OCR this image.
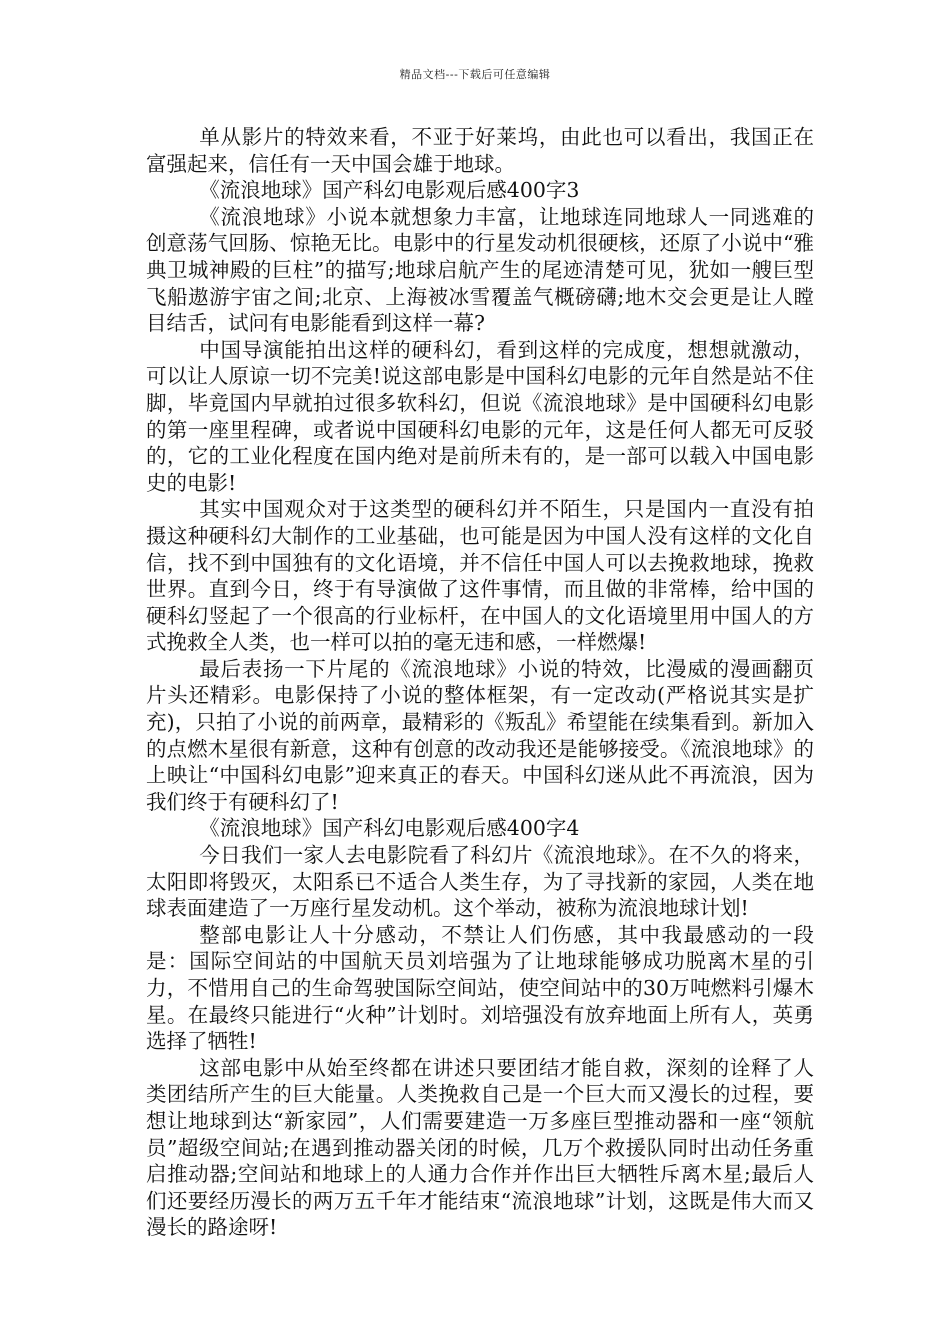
精品文档---下载后可任意编辑

单从影片的特效来看，不亚于好莱坞，由此也可以看出，我国正在富强起来，信任有一天中国会雄于地球。

《流浪地球》国产科幻电影观后感400字3

《流浪地球》小说本就想象力丰富，让地球连同地球人一同逃难的创意荡气回肠、惊艳无比。电影中的行星发动机很硬核，还原了小说中“雅典卫城神殿的巨柱”的描写;地球启航产生的尾迹清楚可见，犹如一艘巨型飞船遨游宇宙之间;北京、上海被冰雪覆盖气概磅礴;地木交会更是让人瞠目结舌，试问有电影能看到这样一幕?

中国导演能拍出这样的硬科幻，看到这样的完成度，想想就激动，可以让人原谅一切不完美!说这部电影是中国科幻电影的元年自然是站不住脚，毕竟国内早就拍过很多软科幻，但说《流浪地球》是中国硬科幻电影的第一座里程碑，或者说中国硬科幻电影的元年，这是任何人都无可反驳的，它的工业化程度在国内绝对是前所未有的，是一部可以载入中国电影史的电影!

其实中国观众对于这类型的硬科幻并不陌生，只是国内一直没有拍摄这种硬科幻大制作的工业基础，也可能是因为中国人没有这样的文化自信，找不到中国独有的文化语境，并不信任中国人可以去挽救地球，挽救世界。直到今日，终于有导演做了这件事情，而且做的非常棒，给中国的硬科幻竖起了一个很高的行业标杆，在中国人的文化语境里用中国人的方式挽救全人类，也一样可以拍的毫无违和感，一样燃爆!

最后表扬一下片尾的《流浪地球》小说的特效，比漫威的漫画翻页片头还精彩。电影保持了小说的整体框架，有一定改动(严格说其实是扩充)，只拍了小说的前两章，最精彩的《叛乱》希望能在续集看到。新加入的点燃木星很有新意，这种有创意的改动我还是能够接受。《流浪地球》的上映让“中国科幻电影”迎来真正的春天。中国科幻迷从此不再流浪，因为我们终于有硬科幻了!

《流浪地球》国产科幻电影观后感400字4

今日我们一家人去电影院看了科幻片《流浪地球》。在不久的将来，太阳即将毁灭，太阳系已不适合人类生存，为了寻找新的家园，人类在地球表面建造了一万座行星发动机。这个举动，被称为流浪地球计划!

整部电影让人十分感动，不禁让人们伤感，其中我最感动的一段是：国际空间站的中国航天员刘培强为了让地球能够成功脱离木星的引力，不惜用自己的生命驾驶国际空间站，使空间站中的30万吨燃料引爆木星。在最终只能进行“火种”计划时。刘培强没有放弃地面上所有人，英勇选择了牺牲!

这部电影中从始至终都在讲述只要团结才能自救，深刻的诠释了人类团结所产生的巨大能量。人类挽救自己是一个巨大而又漫长的过程，要想让地球到达“新家园”，人们需要建造一万多座巨型推动器和一座“领航员”超级空间站;在遇到推动器关闭的时候，几万个救援队同时出动任务重启推动器;空间站和地球上的人通力合作并作出巨大牺牲斥离木星;最后人们还要经历漫长的两万五千年才能结束“流浪地球”计划，这既是伟大而又漫长的路途呀!
